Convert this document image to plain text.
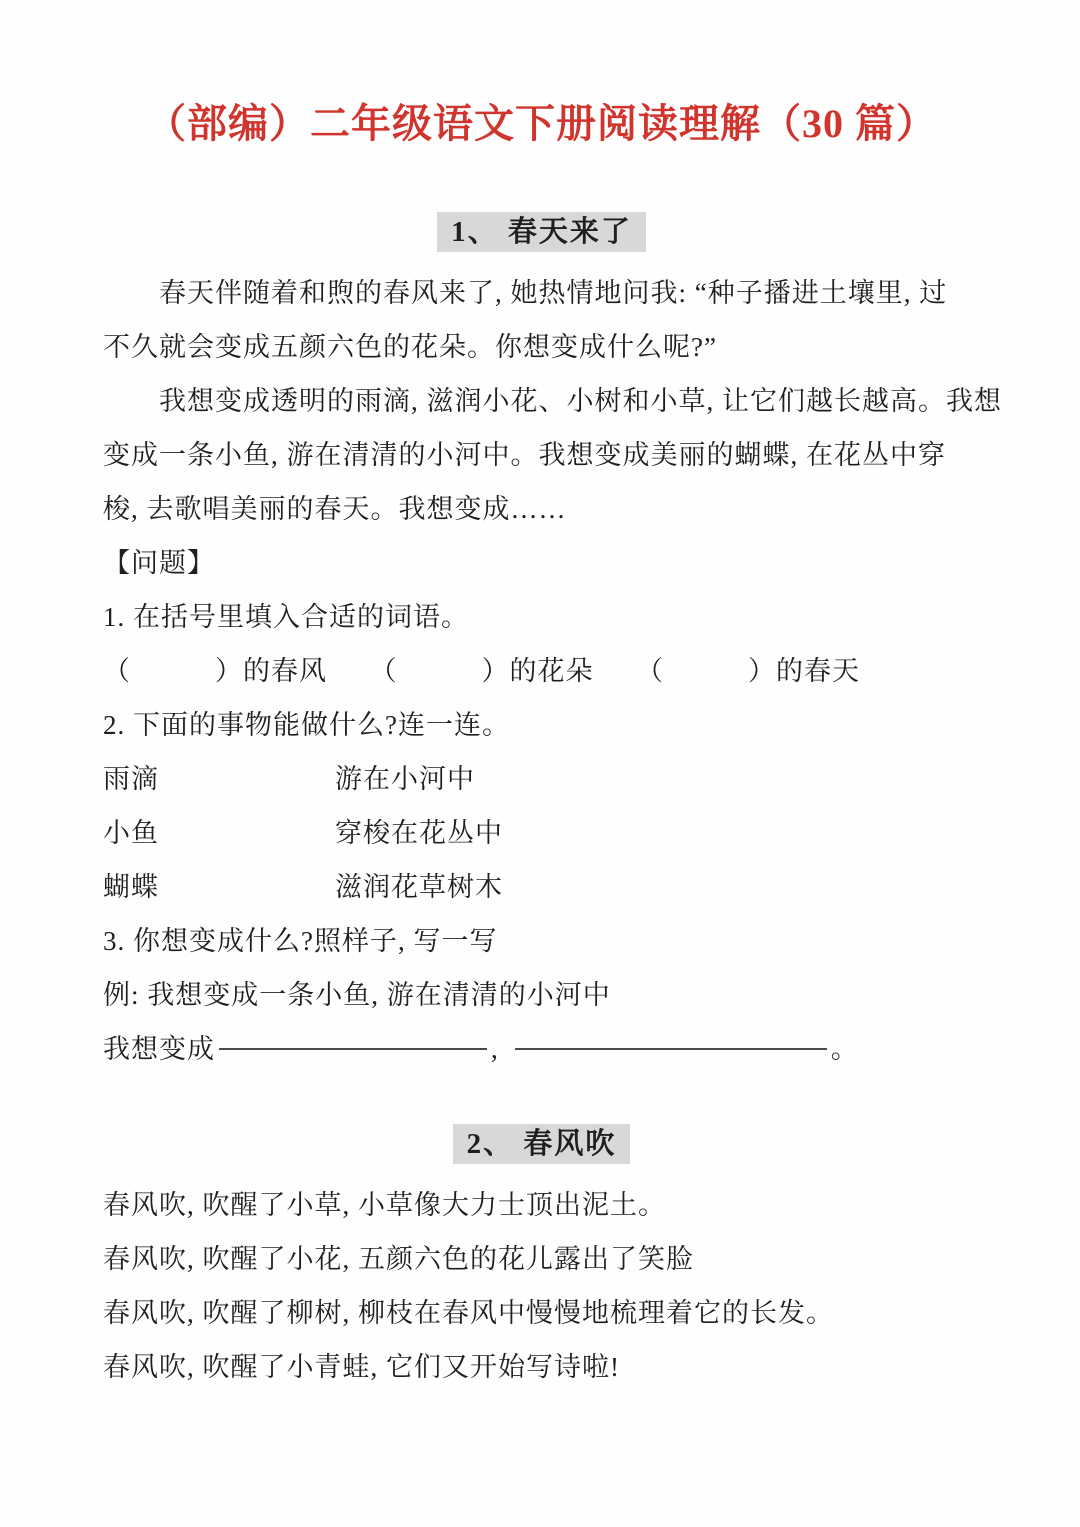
（部编）二年级语文下册阅读理解（30 篇）
1、 春天来了
春天伴随着和煦的春风来了, 她热情地问我: “种子播进土壤里, 过
不久就会变成五颜六色的花朵。你想变成什么呢?”
我想变成透明的雨滴, 滋润小花、小树和小草, 让它们越长越高。我想
变成一条小鱼, 游在清清的小河中。我想变成美丽的蝴蝶, 在花丛中穿
梭, 去歌唱美丽的春天。我想变成……
【问题】
1. 在括号里填入合适的词语。
（　　　）的春风　　（　　　）的花朵　　（　　　）的春天
2. 下面的事物能做什么?连一连。
雨滴	游在小河中
小鱼	穿梭在花丛中
蝴蝶	滋润花草树木
3. 你想变成什么?照样子, 写一写
例: 我想变成一条小鱼, 游在清清的小河中
我想变成	,	。
2、 春风吹
春风吹, 吹醒了小草, 小草像大力士顶出泥土。
春风吹, 吹醒了小花, 五颜六色的花儿露出了笑脸
春风吹, 吹醒了柳树, 柳枝在春风中慢慢地梳理着它的长发。
春风吹, 吹醒了小青蛙, 它们又开始写诗啦!
